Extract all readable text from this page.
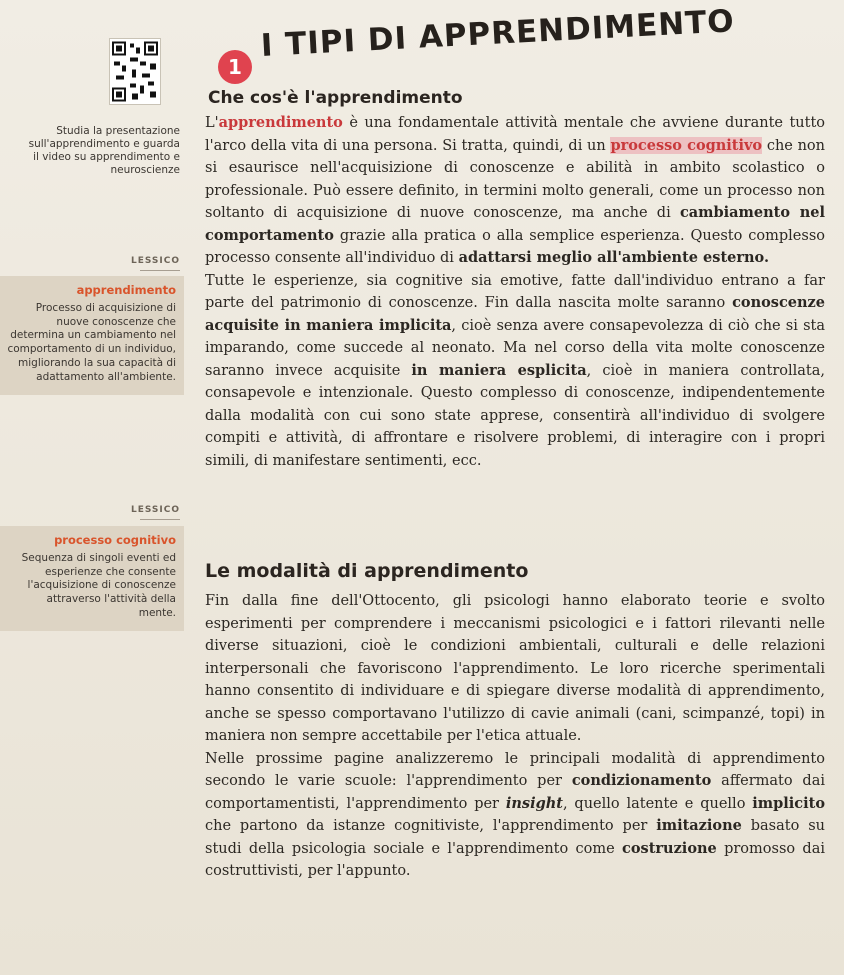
1
I TIPI DI APPRENDIMENTO
Studia la presentazione sull'apprendimento e guarda il video su apprendimento e neuroscienze
LESSICO
apprendimento
Processo di acquisizione di nuove conoscenze che determina un cambiamento nel comportamento di un individuo, migliorando la sua capacità di adattamento all'ambiente.
LESSICO
processo cognitivo
Sequenza di singoli eventi ed esperienze che consente l'acquisizione di conoscenze attraverso l'attività della mente.
Che cos'è l'apprendimento

L'apprendimento è una fondamentale attività mentale che avviene durante tutto l'arco della vita di una persona. Si tratta, quindi, di un processo cognitivo che non si esaurisce nell'acquisizione di conoscenze e abilità in ambito scolastico o professionale. Può essere definito, in termini molto generali, come un processo non soltanto di acquisizione di nuove conoscenze, ma anche di cambiamento nel comportamento grazie alla pratica o alla semplice esperienza. Questo complesso processo consente all'individuo di adattarsi meglio all'ambiente esterno.

Tutte le esperienze, sia cognitive sia emotive, fatte dall'individuo entrano a far parte del patrimonio di conoscenze. Fin dalla nascita molte saranno conoscenze acquisite in maniera implicita, cioè senza avere consapevolezza di ciò che si sta imparando, come succede al neonato. Ma nel corso della vita molte conoscenze saranno invece acquisite in maniera esplicita, cioè in maniera controllata, consapevole e intenzionale. Questo complesso di conoscenze, indipendentemente dalla modalità con cui sono state apprese, consentirà all'individuo di svolgere compiti e attività, di affrontare e risolvere problemi, di interagire con i propri simili, di manifestare sentimenti, ecc.

Le modalità di apprendimento

Fin dalla fine dell'Ottocento, gli psicologi hanno elaborato teorie e svolto esperimenti per comprendere i meccanismi psicologici e i fattori rilevanti nelle diverse situazioni, cioè le condizioni ambientali, culturali e delle relazioni interpersonali che favoriscono l'apprendimento. Le loro ricerche sperimentali hanno consentito di individuare e di spiegare diverse modalità di apprendimento, anche se spesso comportavano l'utilizzo di cavie animali (cani, scimpanzé, topi) in maniera non sempre accettabile per l'etica attuale.

Nelle prossime pagine analizzeremo le principali modalità di apprendimento secondo le varie scuole: l'apprendimento per condizionamento affermato dai comportamentisti, l'apprendimento per insight, quello latente e quello implicito che partono da istanze cognitiviste, l'apprendimento per imitazione basato su studi della psicologia sociale e l'apprendimento come costruzione promosso dai costruttivisti, per l'appunto.
